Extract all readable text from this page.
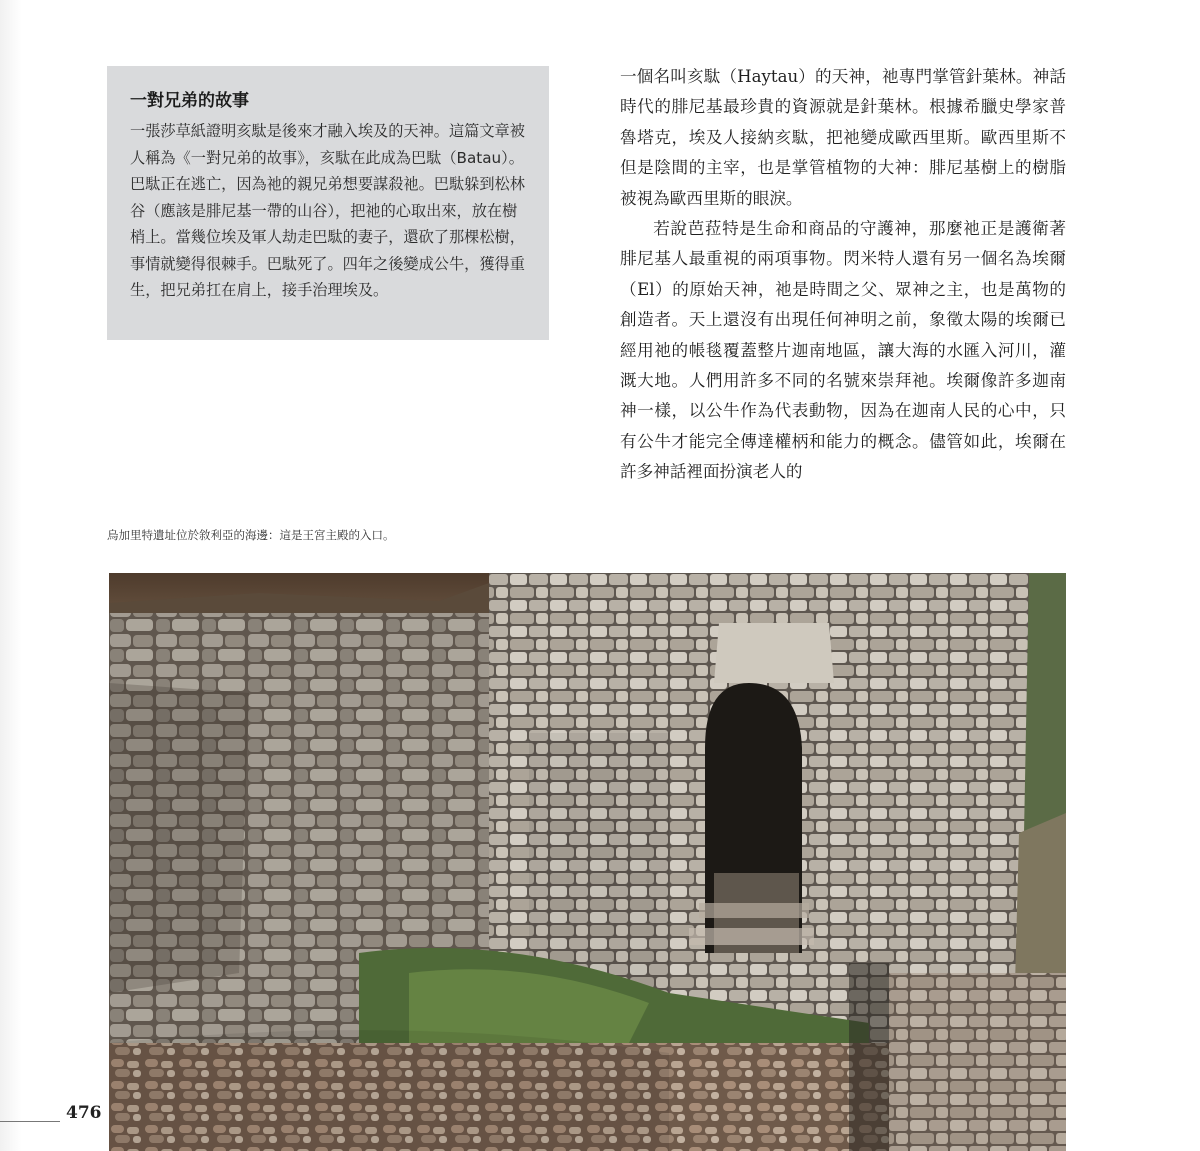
一對兄弟的故事

一張莎草紙證明亥駄是後來才融入埃及的天神。這篇文章被人稱為《一對兄弟的故事》，亥駄在此成為巴駄（Batau）。巴駄正在逃亡，因為祂的親兄弟想要謀殺祂。巴駄躲到松林谷（應該是腓尼基一帶的山谷），把祂的心取出來，放在樹梢上。當幾位埃及軍人劫走巴駄的妻子，還砍了那棵松樹，事情就變得很棘手。巴駄死了。四年之後變成公牛，獲得重生，把兄弟扛在肩上，接手治理埃及。

烏加里特遺址位於敘利亞的海邊：這是王宮主殿的入口。

一個名叫亥駄（Haytau）的天神，祂專門掌管針葉林。神話時代的腓尼基最珍貴的資源就是針葉林。根據希臘史學家普魯塔克，埃及人接納亥駄，把祂變成歐西里斯。歐西里斯不但是陰間的主宰，也是掌管植物的大神：腓尼基樹上的樹脂被視為歐西里斯的眼淚。

若說芭菈特是生命和商品的守護神，那麼祂正是護衛著腓尼基人最重視的兩項事物。閃米特人還有另一個名為埃爾（El）的原始天神，祂是時間之父、眾神之主，也是萬物的創造者。天上還沒有出現任何神明之前，象徵太陽的埃爾已經用祂的帳毯覆蓋整片迦南地區，讓大海的水匯入河川，灌溉大地。人們用許多不同的名號來崇拜祂。埃爾像許多迦南神一樣，以公牛作為代表動物，因為在迦南人民的心中，只有公牛才能完全傳達權柄和能力的概念。儘管如此，埃爾在許多神話裡面扮演老人的

476
